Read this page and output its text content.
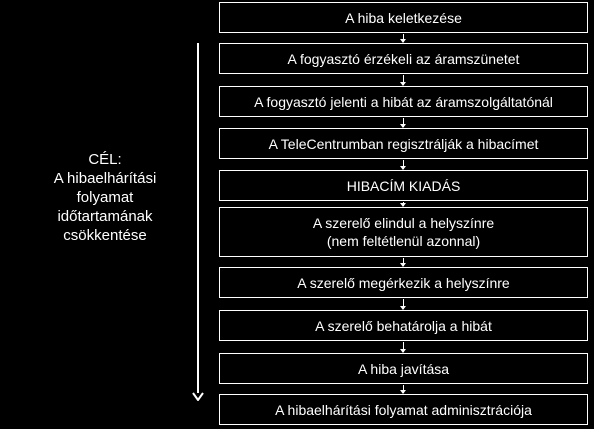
CÉL:
A hibaelhárítási
folyamat
időtartamának
csökkentése
A hiba keletkezése
A fogyasztó érzékeli az áramszünetet
A fogyasztó jelenti a hibát az áramszolgáltatónál
A TeleCentrumban regisztrálják a hibacímet
HIBACÍM KIADÁS
A szerelő elindul a helyszínre
(nem feltétlenül azonnal)
A szerelő megérkezik a helyszínre
A szerelő behatárolja a hibát
A hiba javítása
A hibaelhárítási folyamat adminisztrációja
